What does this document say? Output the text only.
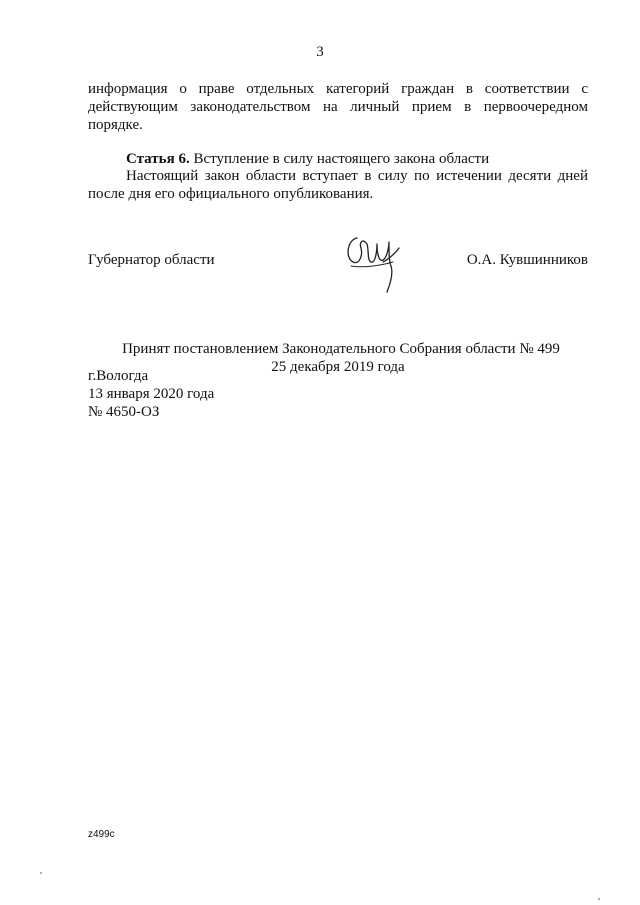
3
информация о праве отдельных категорий граждан в соответствии с действующим законодательством на личный прием в первоочередном порядке.
Статья 6. Вступление в силу настоящего закона области
Настоящий закон области вступает в силу по истечении десяти дней после дня его официального опубликования.
Губернатор области	О.А. Кувшинников
Принят постановлением Законодательного Собрания области № 499
25 декабря 2019 года
г.Вологда
13 января 2020 года
№ 4650-ОЗ
z499c
